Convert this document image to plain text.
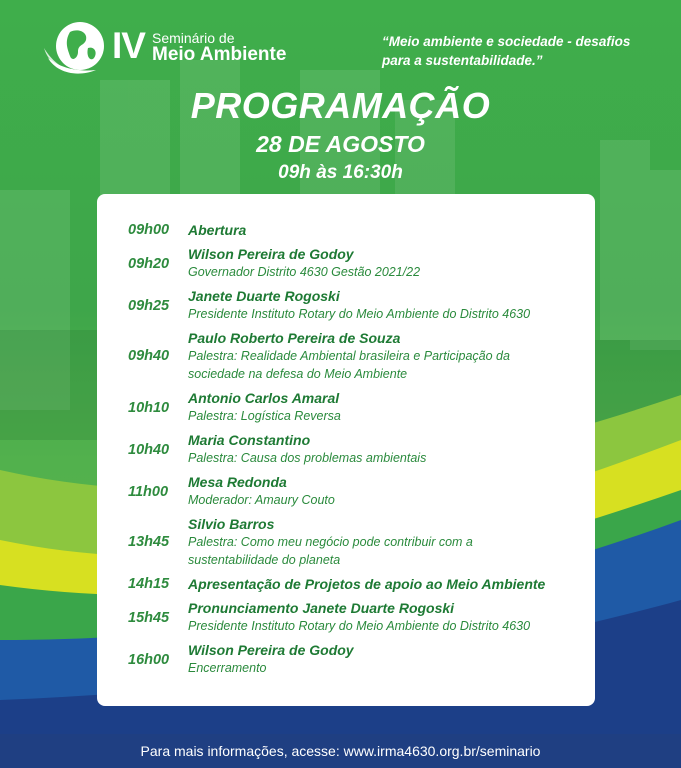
IV Seminário de
Meio Ambiente
“Meio ambiente e sociedade - desafios
para a sustentabilidade.”
PROGRAMAÇÃO
28 DE AGOSTO
09h às 16:30h
09h00 Abertura
09h20
Wilson Pereira de Godoy
Governador Distrito 4630 Gestão 2021/22
09h25
Janete Duarte Rogoski
Presidente Instituto Rotary do Meio Ambiente do Distrito 4630
09h40
Paulo Roberto Pereira de Souza
Palestra: Realidade Ambiental brasileira e Participação da
sociedade na defesa do Meio Ambiente
10h10
Antonio Carlos Amaral
Palestra: Logística Reversa
10h40
Maria Constantino
Palestra: Causa dos problemas ambientais
11h00
Mesa Redonda
Moderador: Amaury Couto
13h45
Silvio Barros
Palestra: Como meu negócio pode contribuir com a
sustentabilidade do planeta
14h15 Apresentação de Projetos de apoio ao Meio Ambiente
15h45
Pronunciamento Janete Duarte Rogoski
Presidente Instituto Rotary do Meio Ambiente do Distrito 4630
16h00
Wilson Pereira de Godoy
Encerramento
Para mais informações, acesse: www.irma4630.org.br/seminario
